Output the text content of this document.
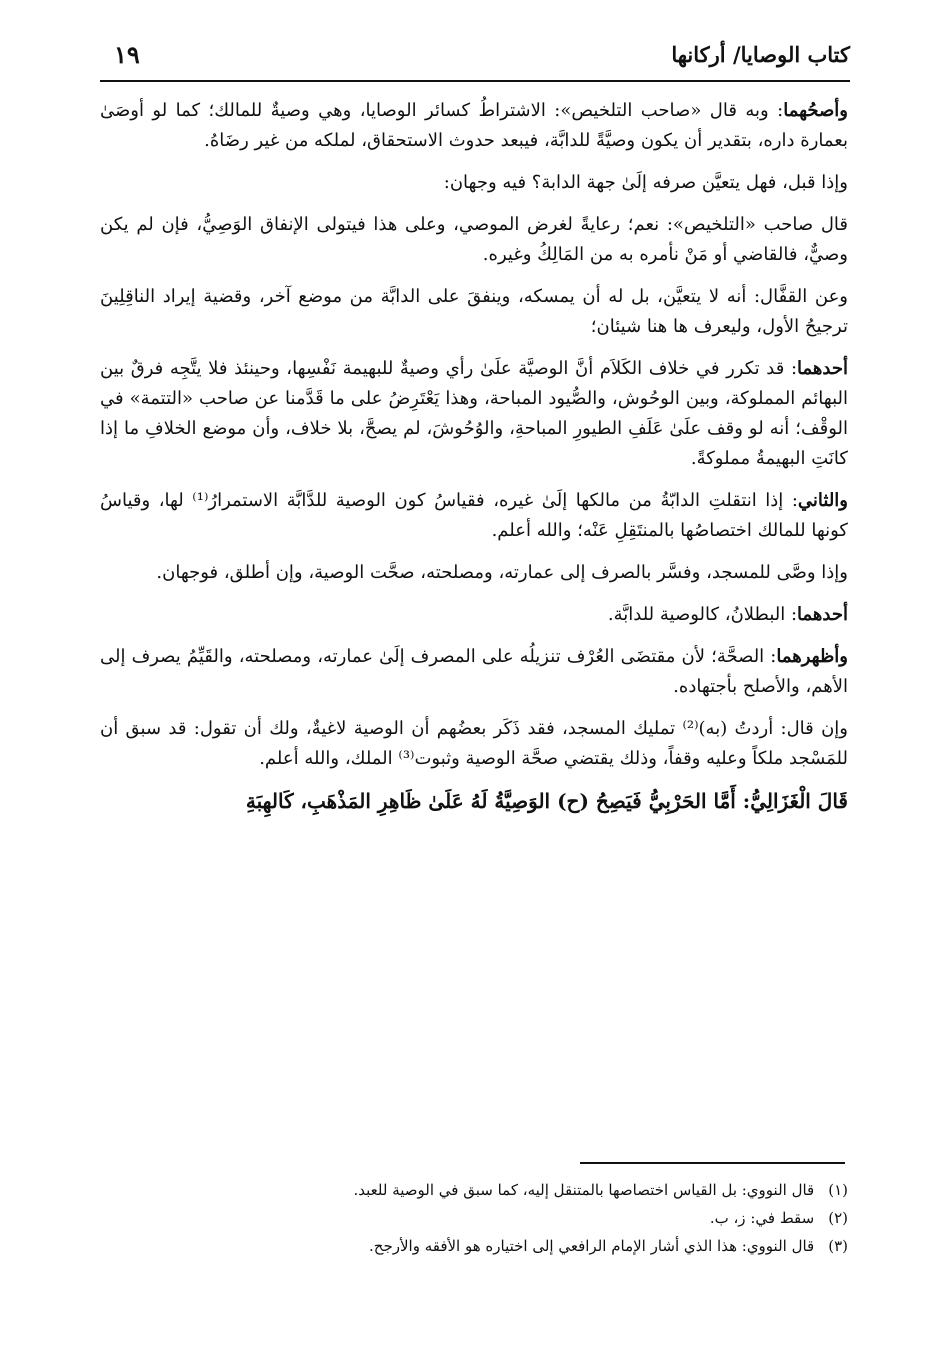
كتاب الوصايا/ أركانها
١٩

وأصحُهما: وبه قال «صاحب التلخيص»: الاشتراطُ كسائر الوصايا، وهي وصيةٌ للمالك؛ كما لو أوصَىٰ بعمارة داره، بتقدير أن يكون وصيَّةً للدابَّة، فيبعد حدوث الاستحقاق، لملكه من غير رضَاهُ.

وإذا قبل، فهل يتعيَّن صرفه إلَىٰ جهة الدابة؟ فيه وجهان:

قال صاحب «التلخيص»: نعم؛ رعايةً لغرض الموصي، وعلى هذا فيتولى الإنفاق الوَصِيُّ، فإن لم يكن وصيٌّ، فالقاضي أو مَنْ نأمره به من المَالِكُ وغيره.

وعن القفَّال: أنه لا يتعيَّن، بل له أن يمسكه، وينفقَ على الدابَّة من موضع آخر، وقضية إيراد الناقِلِينَ ترجيحُ الأول، وليعرف ها هنا شيئان؛

أحدهما: قد تكرر في خلاف الكَلاَم أنَّ الوصيَّة علَىٰ رأي وصيةٌ للبهيمة نَفْسِها، وحينئذ فلا يتَّجِه فرقٌ بين البهائم المملوكة، وبين الوحُوش، والصُّيود المباحة، وهذا يَعْتَرِضُ على ما قَدَّمنا عن صاحب «التتمة» في الوقْف؛ أنه لو وقف علَىٰ عَلَفِ الطيورِ المباحةِ، والوُحُوشَ، لم يصحَّ، بلا خلاف، وأن موضع الخلافِ ما إذا كانَتِ البهيمةُ مملوكةً.

والثاني: إذا انتقلتِ الدابّةُ من مالكها إلَىٰ غيره، فقياسُ كون الوصية للدَّابَّة الاستمرارُ⁽¹⁾ لها، وقياسُ كونها للمالك اختصاصُها بالمنتَقِلِ عَنْه؛ والله أعلم.

وإذا وصَّى للمسجد، وفسَّر بالصرف إلى عمارته، ومصلحته، صحَّت الوصية، وإن أطلق، فوجهان.

أحدهما: البطلانُ، كالوصية للدابَّة.

وأظهرهما: الصحَّة؛ لأن مقتضَى العُرْف تنزيلُه على المصرف إلَىٰ عمارته، ومصلحته، والقَيِّمُ يصرف إلى الأهم، والأصلح بأجتهاده.

وإن قال: أردتُ (به)⁽²⁾ تمليك المسجد، فقد ذَكَر بعضُهم أن الوصية لاغيةٌ، ولك أن تقول: قد سبق أن للمَسْجد ملكاً وعليه وقفاً، وذلك يقتضي صحَّة الوصية وثبوت⁽³⁾ الملك، والله أعلم.

قَالَ الْغَزَالِيُّ: أَمَّا الحَرْبِيُّ فَيَصِحُ (ح) الوَصِيَّةُ لَهُ عَلَىٰ ظَاهِرِ المَذْهَبِ، كَالهِبَةِ

(١)قال النووي: بل القياس اختصاصها بالمتنقل إليه، كما سبق في الوصية للعبد.

(٢)سقط في: ز، ب.

(٣)قال النووي: هذا الذي أشار الإمام الرافعي إلى اختياره هو الأفقه والأرجح.
